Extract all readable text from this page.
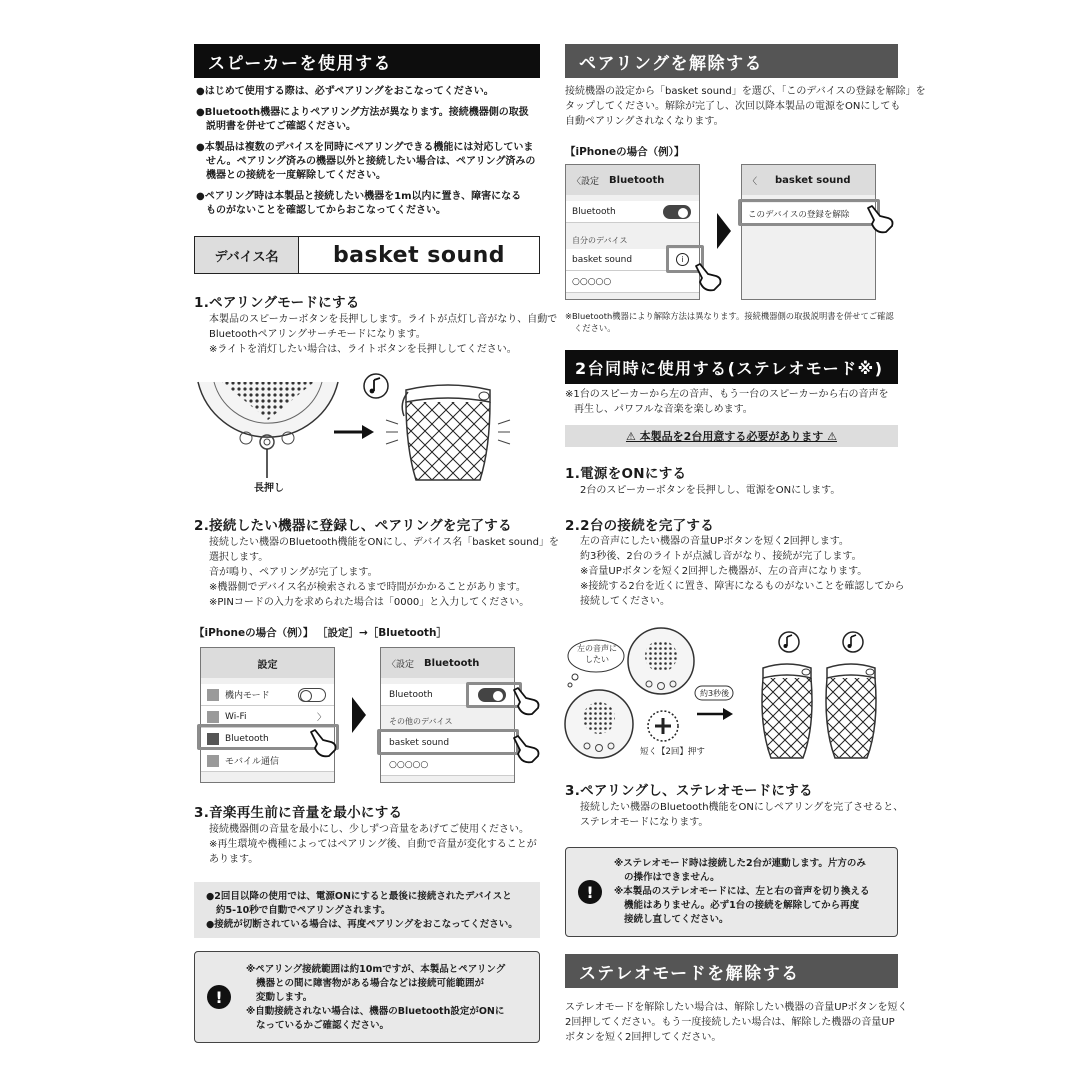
スピーカーを使用する
●はじめて使用する際は、必ずペアリングをおこなってください。
●Bluetooth機器によりペアリング方法が異なります。接続機器側の取扱
説明書を併せてご確認ください。
●本製品は複数のデバイスを同時にペアリングできる機能には対応していま
せん。ペアリング済みの機器以外と接続したい場合は、ペアリング済みの
機器との接続を一度解除してください。
●ペアリング時は本製品と接続したい機器を1m以内に置き、障害になる
ものがないことを確認してからおこなってください。
デバイス名	basket sound
1.ペアリングモードにする
本製品のスピーカーボタンを長押しします。ライトが点灯し音がなり、自動で
Bluetoothペアリングサーチモードになります。
※ライトを消灯したい場合は、ライトボタンを長押ししてください。
長押し
2.接続したい機器に登録し、ペアリングを完了する
接続したい機器のBluetooth機能をONにし、デバイス名「basket sound」を
選択します。
音が鳴り、ペアリングが完了します。
※機器側でデバイス名が検索されるまで時間がかかることがあります。
※PINコードの入力を求められた場合は「0000」と入力してください。
【iPhoneの場合（例）】 ［設定］→［Bluetooth］
設定
機内モード
Wi-Fi	〉
Bluetooth
モバイル通信
〈設定 Bluetooth
Bluetooth
その他のデバイス
basket sound
○○○○○
3.音楽再生前に音量を最小にする
接続機器側の音量を最小にし、少しずつ音量をあげてご使用ください。
※再生環境や機種によってはペアリング後、自動で音量が変化することが
あります。
●2回目以降の使用では、電源ONにすると最後に接続されたデバイスと
約5-10秒で自動でペアリングされます。
●接続が切断されている場合は、再度ペアリングをおこなってください。
!
※ペアリング接続範囲は約10mですが、本製品とペアリング
機器との間に障害物がある場合などは接続可能範囲が
変動します。
※自動接続されない場合は、機器のBluetooth設定がONに
なっているかご確認ください。
ペアリングを解除する
接続機器の設定から「basket sound」を選び、「このデバイスの登録を解除」を
タップしてください。解除が完了し、次回以降本製品の電源をONにしても
自動ペアリングされなくなります。
【iPhoneの場合（例）】
〈設定 Bluetooth
Bluetooth
自分のデバイス
basket sound	i
○○○○○
〈 basket sound
このデバイスの登録を解除
※Bluetooth機器により解除方法は異なります。接続機器側の取扱説明書を併せてご確認
ください。
2台同時に使用する(ステレオモード※)
※1台のスピーカーから左の音声、もう一台のスピーカーから右の音声を
再生し、パワフルな音楽を楽しめます。
⚠ 本製品を2台用意する必要があります ⚠
1.電源をONにする
2台のスピーカーボタンを長押しし、電源をONにします。
2.2台の接続を完了する
左の音声にしたい機器の音量UPボタンを短く2回押します。
約3秒後、2台のライトが点滅し音がなり、接続が完了します。
※音量UPボタンを短く2回押した機器が、左の音声になります。
※接続する2台を近くに置き、障害になるものがないことを確認してから
接続してください。
左の音声に
したい
約3秒後
短く【2回】押す
3.ペアリングし、ステレオモードにする
接続したい機器のBluetooth機能をONにしペアリングを完了させると、
ステレオモードになります。
!
※ステレオモード時は接続した2台が連動します。片方のみ
の操作はできません。
※本製品のステレオモードには、左と右の音声を切り換える
機能はありません。必ず1台の接続を解除してから再度
接続し直してください。
ステレオモードを解除する
ステレオモードを解除したい場合は、解除したい機器の音量UPボタンを短く
2回押してください。もう一度接続したい場合は、解除した機器の音量UP
ボタンを短く2回押してください。
